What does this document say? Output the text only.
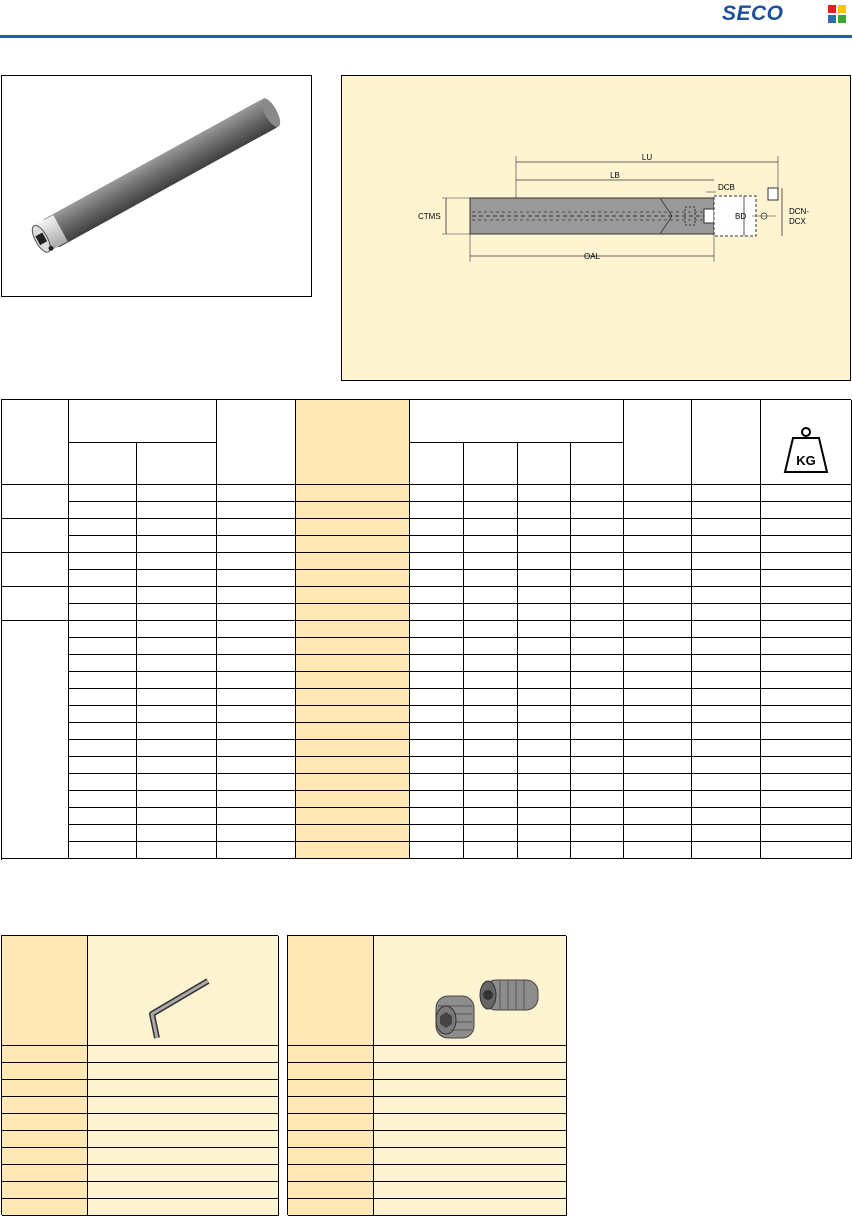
SECO
LU
LB
DCB
CTMS	BD
DCN-
DCX
OAL
KG
